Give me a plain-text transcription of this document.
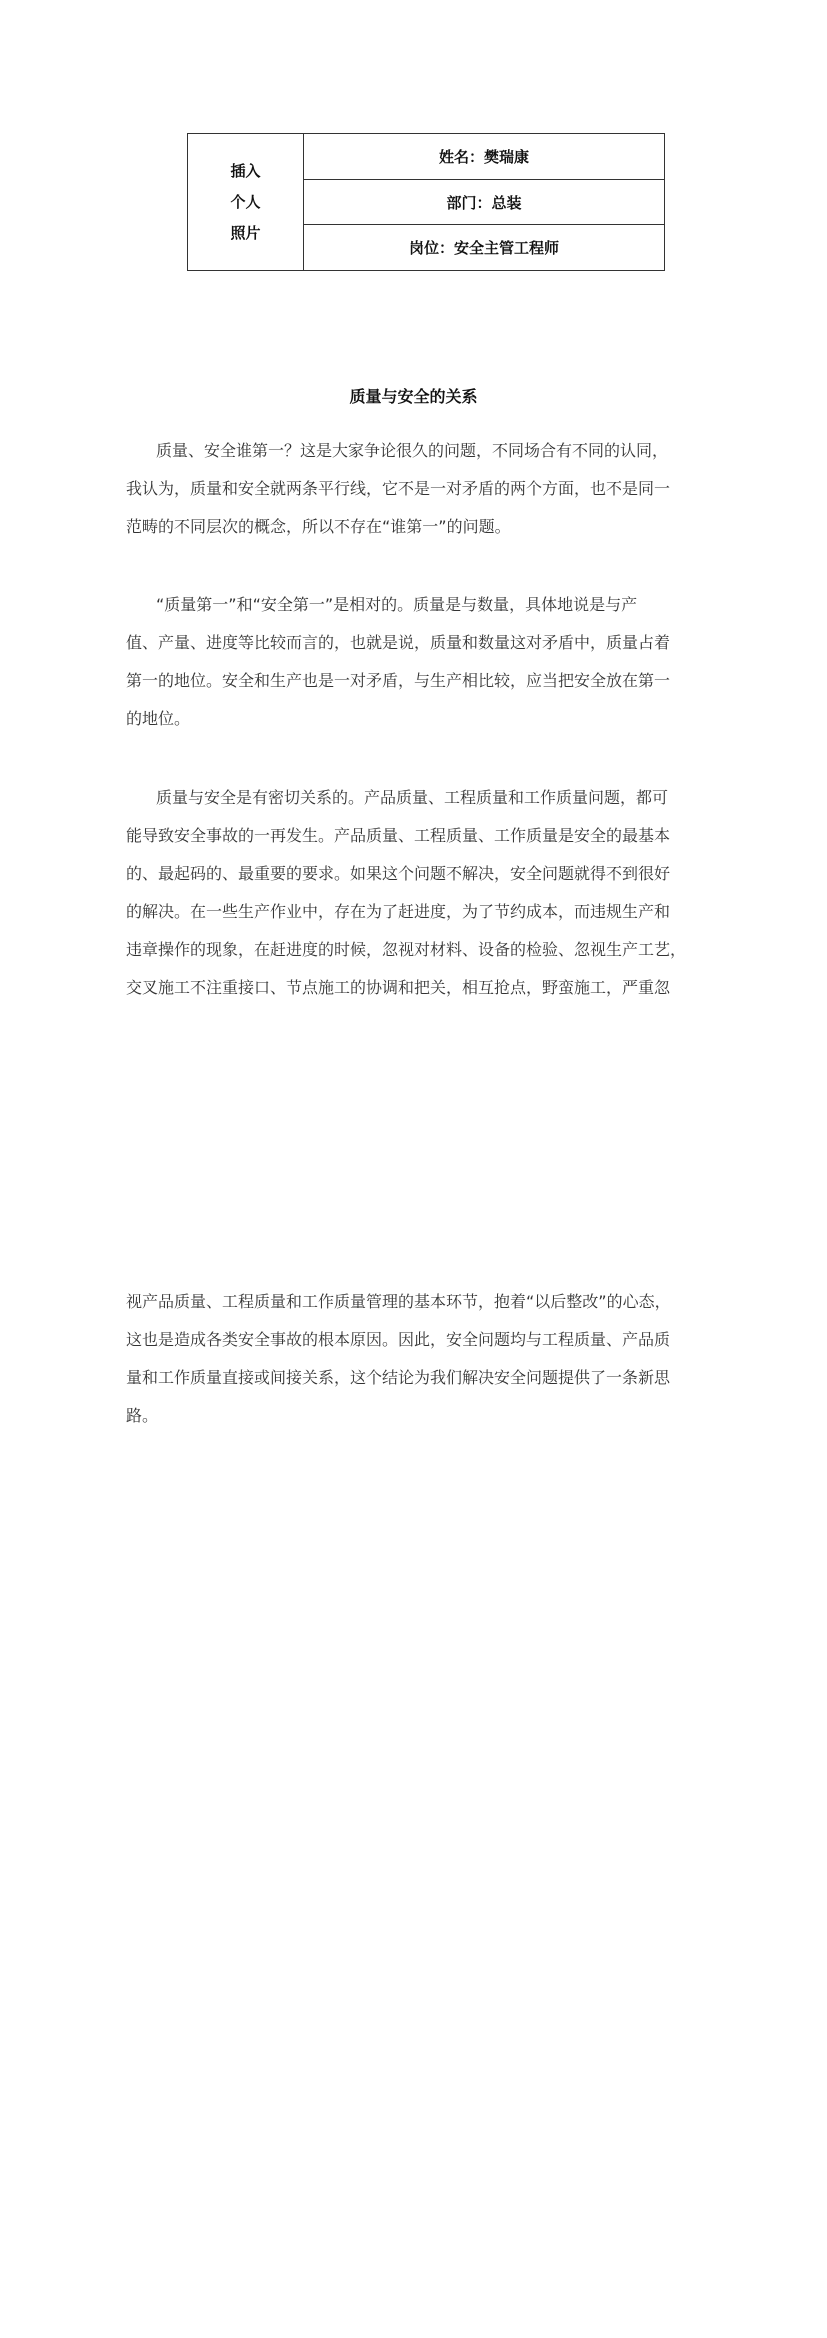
插入
个人
照片
姓名：樊瑞康
部门：总装
岗位：安全主管工程师
质量与安全的关系
质量、安全谁第一？这是大家争论很久的问题，不同场合有不同的认同，
我认为，质量和安全就两条平行线，它不是一对矛盾的两个方面，也不是同一
范畴的不同层次的概念，所以不存在“谁第一”的问题。
“质量第一”和“安全第一”是相对的。质量是与数量，具体地说是与产
值、产量、进度等比较而言的，也就是说，质量和数量这对矛盾中，质量占着
第一的地位。安全和生产也是一对矛盾，与生产相比较，应当把安全放在第一
的地位。
质量与安全是有密切关系的。产品质量、工程质量和工作质量问题，都可
能导致安全事故的一再发生。产品质量、工程质量、工作质量是安全的最基本
的、最起码的、最重要的要求。如果这个问题不解决，安全问题就得不到很好
的解决。在一些生产作业中，存在为了赶进度，为了节约成本，而违规生产和
违章操作的现象，在赶进度的时候，忽视对材料、设备的检验、忽视生产工艺，
交叉施工不注重接口、节点施工的协调和把关，相互抢点，野蛮施工，严重忽
视产品质量、工程质量和工作质量管理的基本环节，抱着“以后整改”的心态，
这也是造成各类安全事故的根本原因。因此，安全问题均与工程质量、产品质
量和工作质量直接或间接关系，这个结论为我们解决安全问题提供了一条新思
路。
